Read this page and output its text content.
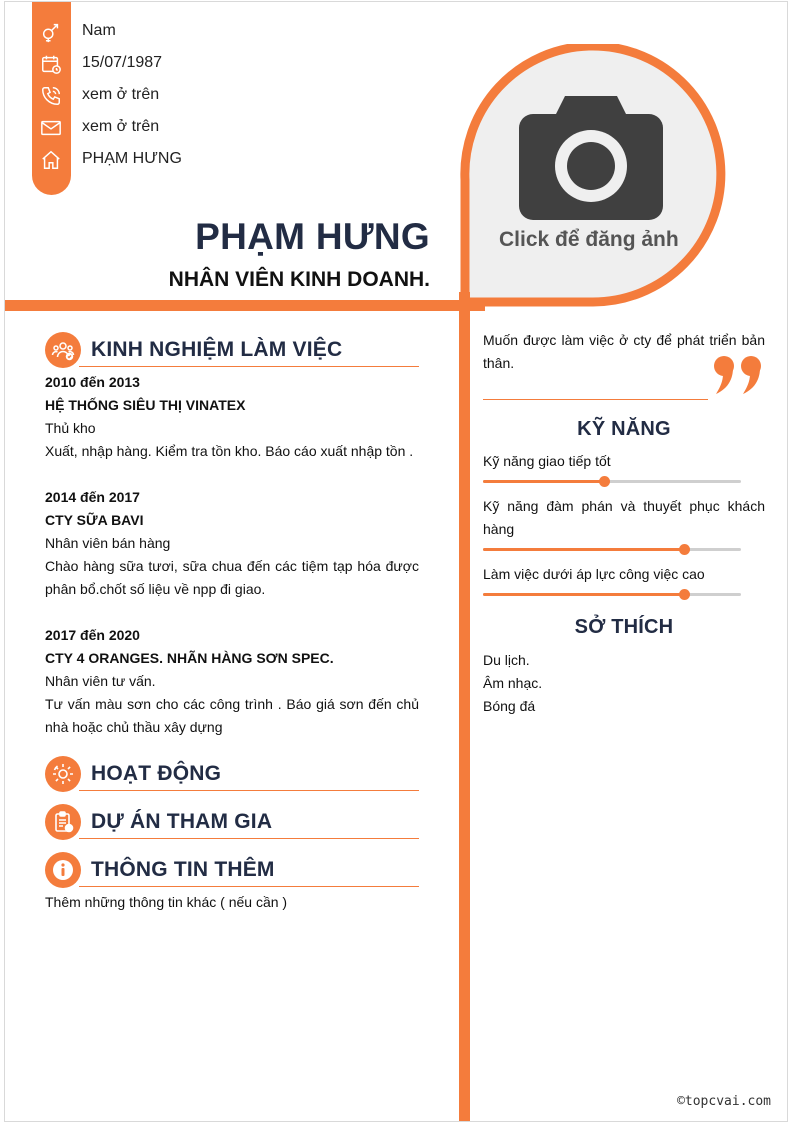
Nam
15/07/1987
xem ở trên
xem ở trên
PHẠM HƯNG
PHẠM HƯNG
NHÂN VIÊN KINH DOANH.
Click để đăng ảnh
KINH NGHIỆM LÀM VIỆC
2010 đến 2013
HỆ THỐNG SIÊU THỊ VINATEX
Thủ kho
Xuất, nhập hàng. Kiểm tra tồn kho. Báo cáo xuất nhập tồn .
2014 đến 2017
CTY SỮA BAVI
Nhân viên bán hàng
Chào hàng sữa tươi, sữa chua đến các tiệm tạp hóa được phân bổ.chốt số liệu về npp đi giao.
2017 đến 2020
CTY 4 ORANGES. NHÃN HÀNG SƠN SPEC.
Nhân viên tư vấn.
Tư vấn màu sơn cho các công trình . Báo giá sơn đến chủ nhà hoặc chủ thầu xây dựng
HOẠT ĐỘNG
DỰ ÁN THAM GIA
THÔNG TIN THÊM
Thêm những thông tin khác ( nếu cần )
Muốn được làm việc ở cty để phát triển bản thân.
KỸ NĂNG
Kỹ năng giao tiếp tốt
Kỹ năng đàm phán và thuyết phục khách hàng
Làm việc dưới áp lực công việc cao
SỞ THÍCH
Du lịch.
Âm nhạc.
Bóng đá
©topcvai.com
